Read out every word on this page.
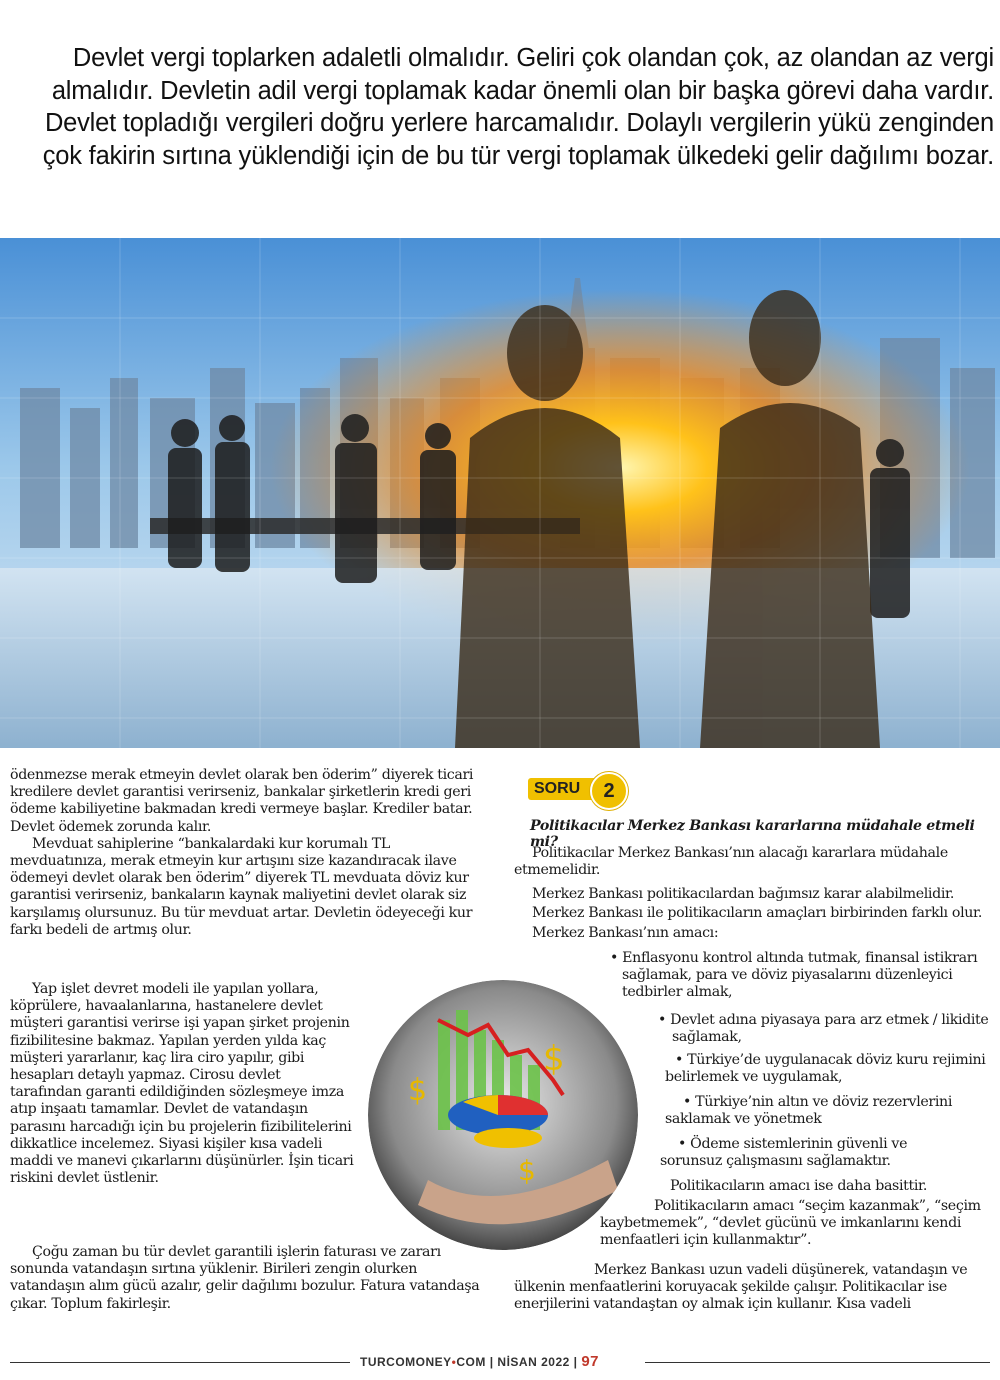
Devlet vergi toplarken adaletli olmalıdır. Geliri çok olandan çok, az olandan az vergi almalıdır. Devletin adil vergi toplamak kadar önemli olan bir başka görevi daha vardır. Devlet topladığı vergileri doğru yerlere harcamalıdır. Dolaylı vergilerin yükü zenginden çok fakirin sırtına yüklendiği için de bu tür vergi toplamak ülkedeki gelir dağılımı bozar.

ödenmezse merak etmeyin devlet olarak ben öderim” diyerek ticari kredilere devlet garantisi verirseniz, bankalar şirketlerin kredi geri ödeme kabiliyetine bakmadan kredi vermeye başlar. Krediler batar. Devlet ödemek zorunda kalır.

Mevduat sahiplerine “bankalardaki kur korumalı TL mevduatınıza, merak etmeyin kur artışını size kazandıracak ilave ödemeyi devlet olarak ben öderim” diyerek TL mevduata döviz kur garantisi verirseniz, bankaların kaynak maliyetini devlet olarak siz karşılamış olursunuz. Bu tür mevduat artar. Devletin ödeyeceği kur farkı bedeli de artmış olur.

Yap işlet devret modeli ile yapılan yollara, köprülere, havaalanlarına, hastanelere devlet müşteri garantisi verirse işi yapan şirket projenin fizibilitesine bakmaz. Yapılan yerden yılda kaç müşteri yararlanır, kaç lira ciro yapılır, gibi hesapları detaylı yapmaz. Cirosu devlet tarafından garanti edildiğinden sözleşmeye imza atıp inşaatı tamamlar. Devlet de vatandaşın parasını harcadığı için bu projelerin fizibilitelerini dikkatlice incelemez. Siyasi kişiler kısa vadeli maddi ve manevi çıkarlarını düşünürler. İşin ticari riskini devlet üstlenir.

Çoğu zaman bu tür devlet garantili işlerin faturası ve zararı sonunda vatandaşın sırtına yüklenir. Birileri zengin olurken vatandaşın alım gücü azalır, gelir dağılımı bozulur. Fatura vatandaşa çıkar. Toplum fakirleşir.

$
$
$
SORU	2
Politikacılar Merkez Bankası kararlarına müdahale etmeli mi?

Politikacılar Merkez Bankası’nın alacağı kararlara müdahale etmemelidir.

Merkez Bankası politikacılardan bağımsız karar alabilmelidir.

Merkez Bankası ile politikacıların amaçları birbirinden farklı olur.

Merkez Bankası’nın amacı:

• Enflasyonu kontrol altında tutmak, finansal istikrarı sağlamak, para ve döviz piyasalarını düzenleyici tedbirler almak,

• Devlet adına piyasaya para arz etmek / likidite sağlamak,

• Türkiye’de uygulanacak döviz kuru rejimini belirlemek ve uygulamak,

• Türkiye’nin altın ve döviz rezervlerini saklamak ve yönetmek

• Ödeme sistemlerinin güvenli ve sorunsuz çalışmasını sağlamaktır.

Politikacıların amacı ise daha basittir.

Politikacıların amacı “seçim kazanmak”, “seçim kaybetmemek”, “devlet gücünü ve imkanlarını kendi menfaatleri için kullanmaktır”.

Merkez Bankası uzun vadeli düşünerek, vatandaşın ve ülkenin menfaatlerini koruyacak şekilde çalışır. Politikacılar ise enerjilerini vatandaştan oy almak için kullanır. Kısa vadeli

TURCOMONEY•COM | NİSAN 2022 | 97
